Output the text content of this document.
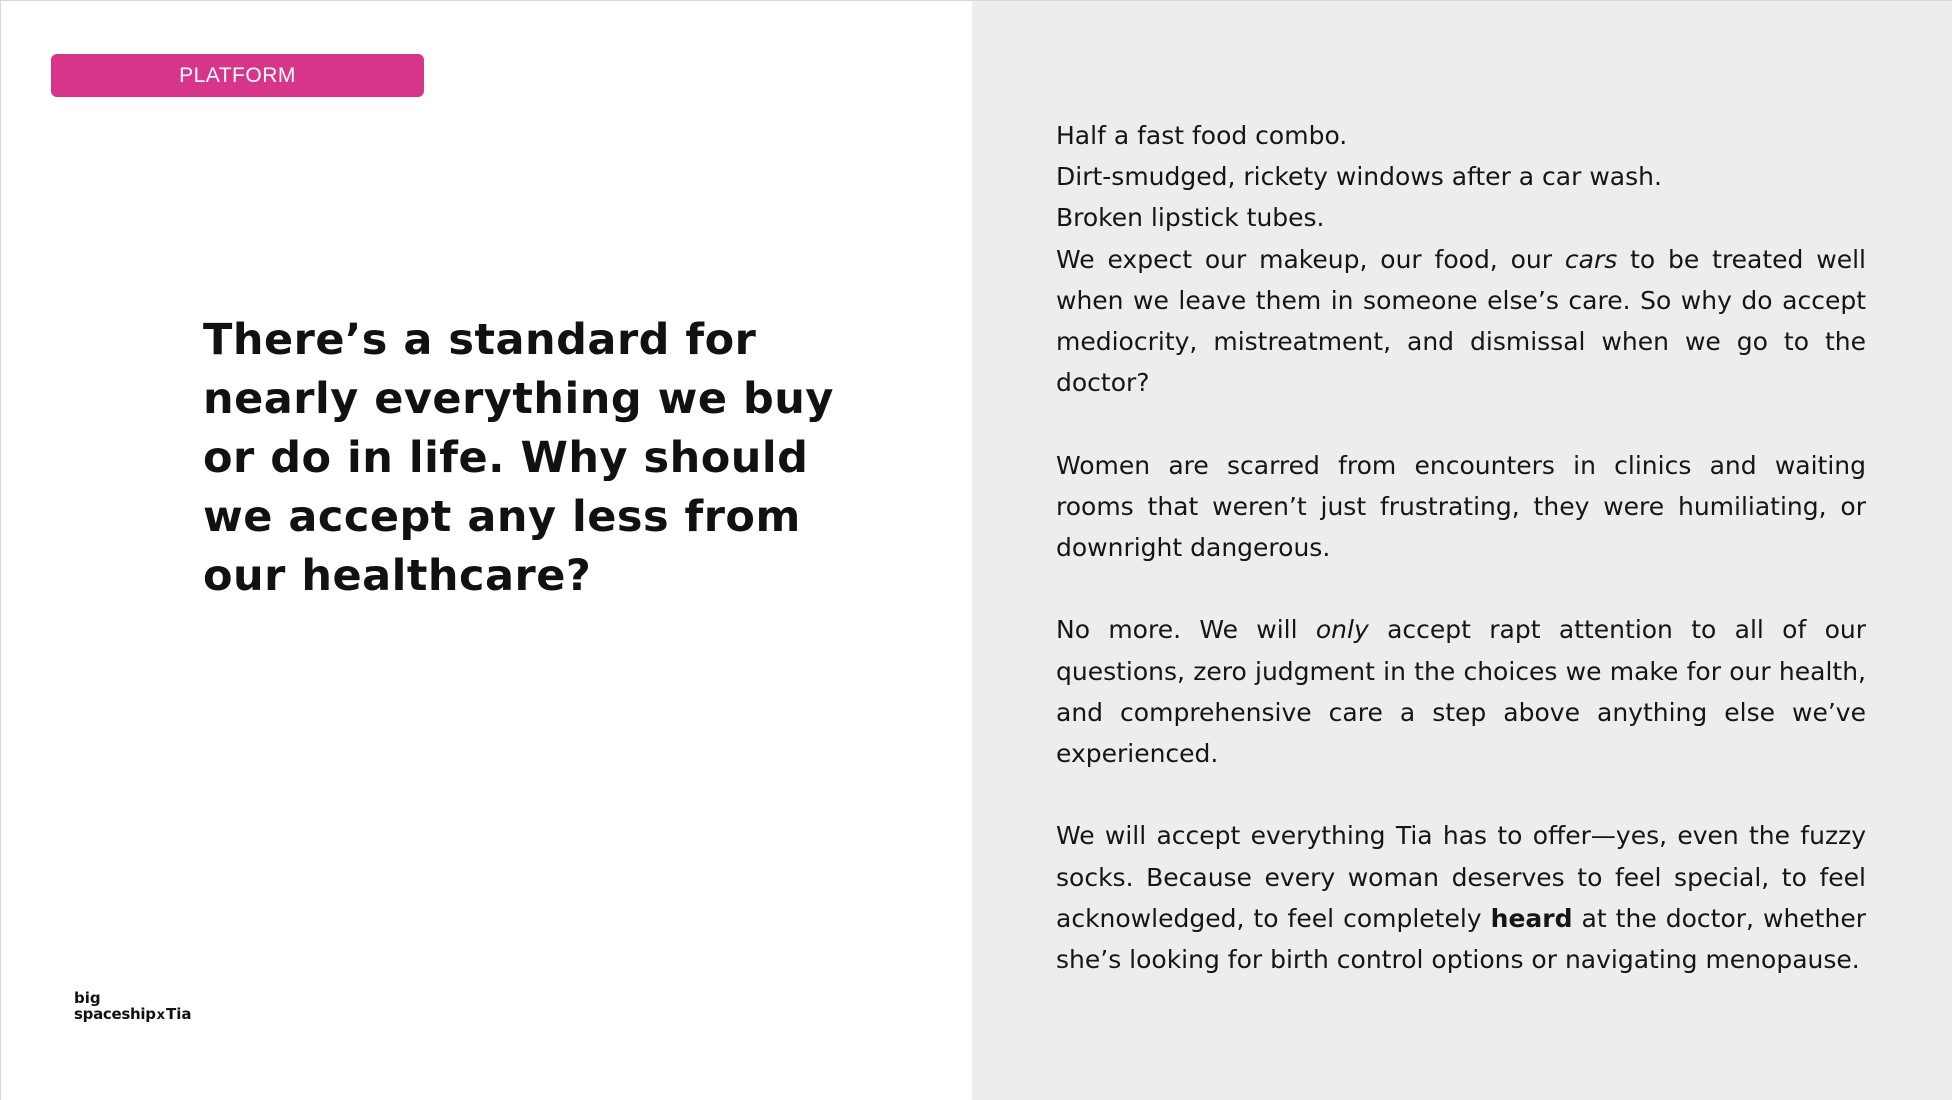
PLATFORM
There’s a standard for nearly everything we buy or do in life. Why should we accept any less from our healthcare?
big
spaceship x Tia
Half a fast food combo.
Dirt-smudged, rickety windows after a car wash.
Broken lipstick tubes.

We expect our makeup, our food, our cars to be treated well when we leave them in someone else’s care. So why do accept mediocrity, mistreatment, and dismissal when we go to the doctor?

Women are scarred from encounters in clinics and waiting rooms that weren’t just frustrating, they were humiliating, or downright dangerous.

No more. We will only accept rapt attention to all of our questions, zero judgment in the choices we make for our health, and comprehensive care a step above anything else we’ve experienced.

We will accept everything Tia has to offer—yes, even the fuzzy socks. Because every woman deserves to feel special, to feel acknowledged, to feel completely heard at the doctor, whether she’s looking for birth control options or navigating menopause.
